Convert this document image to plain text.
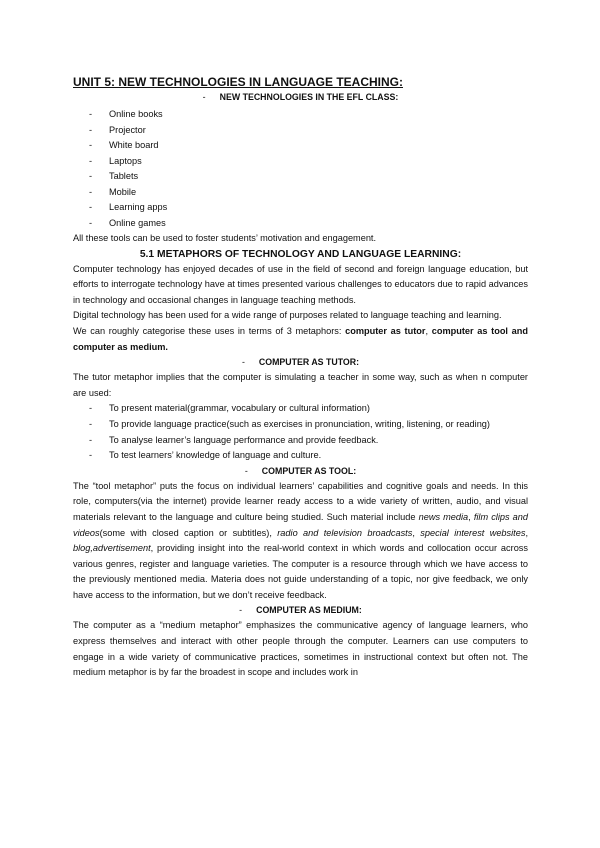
UNIT 5: NEW TECHNOLOGIES IN LANGUAGE TEACHING:
- NEW TECHNOLOGIES IN THE EFL CLASS:
- Online books
- Projector
- White board
- Laptops
- Tablets
- Mobile
- Learning apps
- Online games

All these tools can be used to foster students’ motivation and engagement.

5.1 METAPHORS OF TECHNOLOGY AND LANGUAGE LEARNING:

Computer technology has enjoyed decades of use in the field of second and foreign language education, but efforts to interrogate technology have at times presented various challenges to educators due to rapid advances in technology and occasional changes in language teaching methods.

Digital technology has been used for a wide range of purposes related to language teaching and learning.

We can roughly categorise these uses in terms of 3 metaphors: computer as tutor, computer as tool and computer as medium.

- COMPUTER AS TUTOR:

The tutor metaphor implies that the computer is simulating a teacher in some way, such as when n computer are used:

- To present material(grammar, vocabulary or cultural information)
- To provide language practice(such as exercises in pronunciation, writing, listening, or reading)
- To analyse learner’s language performance and provide feedback.
- To test learners’ knowledge of language and culture.
- COMPUTER AS TOOL:

The “tool metaphor” puts the focus on individual learners’ capabilities and cognitive goals and needs. In this role, computers(via the internet) provide learner ready access to a wide variety of written, audio, and visual materials relevant to the language and culture being studied. Such material include news media, film clips and videos(some with closed caption or subtitles), radio and television broadcasts, special interest websites, blog,advertisement, providing insight into the real-world context in which words and collocation occur across various genres, register and language varieties. The computer is a resource through which we have access to the previously mentioned media. Materia does not guide understanding of a topic, nor give feedback, we only have access to the information, but we don’t receive feedback.

- COMPUTER AS MEDIUM:

The computer as a “medium metaphor” emphasizes the communicative agency of language learners, who express themselves and interact with other people through the computer. Learners can use computers to engage in a wide variety of communicative practices, sometimes in instructional context but often not. The medium metaphor is by far the broadest in scope and includes work in
